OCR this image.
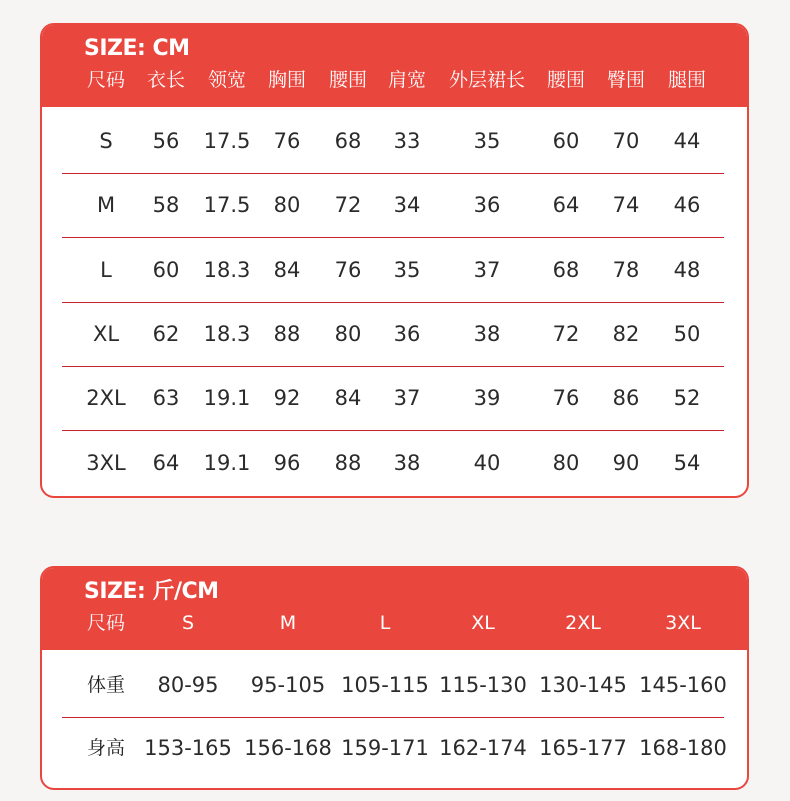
SIZE: CM
尺码 衣长 领宽 胸围 腰围 肩宽 外层裙长 腰围 臀围 腿围
S 56 17.5 76 68 33	35 60 70 44
M 58 17.5 80 72 34	36 64 74 46
L 60 18.3 84 76 35	37 68 78 48
XL 62 18.3 88 80 36	38 72 82 50
2XL 63 19.1 92 84 37	39 76 86 52
3XL 64 19.1 96 88 38	40 80 90 54
SIZE: 斤/CM
尺码	S	M	L	XL	2XL	3XL
体重 80-95 95-105 105-115 115-130 130-145 145-160
身高 153-165 156-168 159-171 162-174 165-177 168-180
